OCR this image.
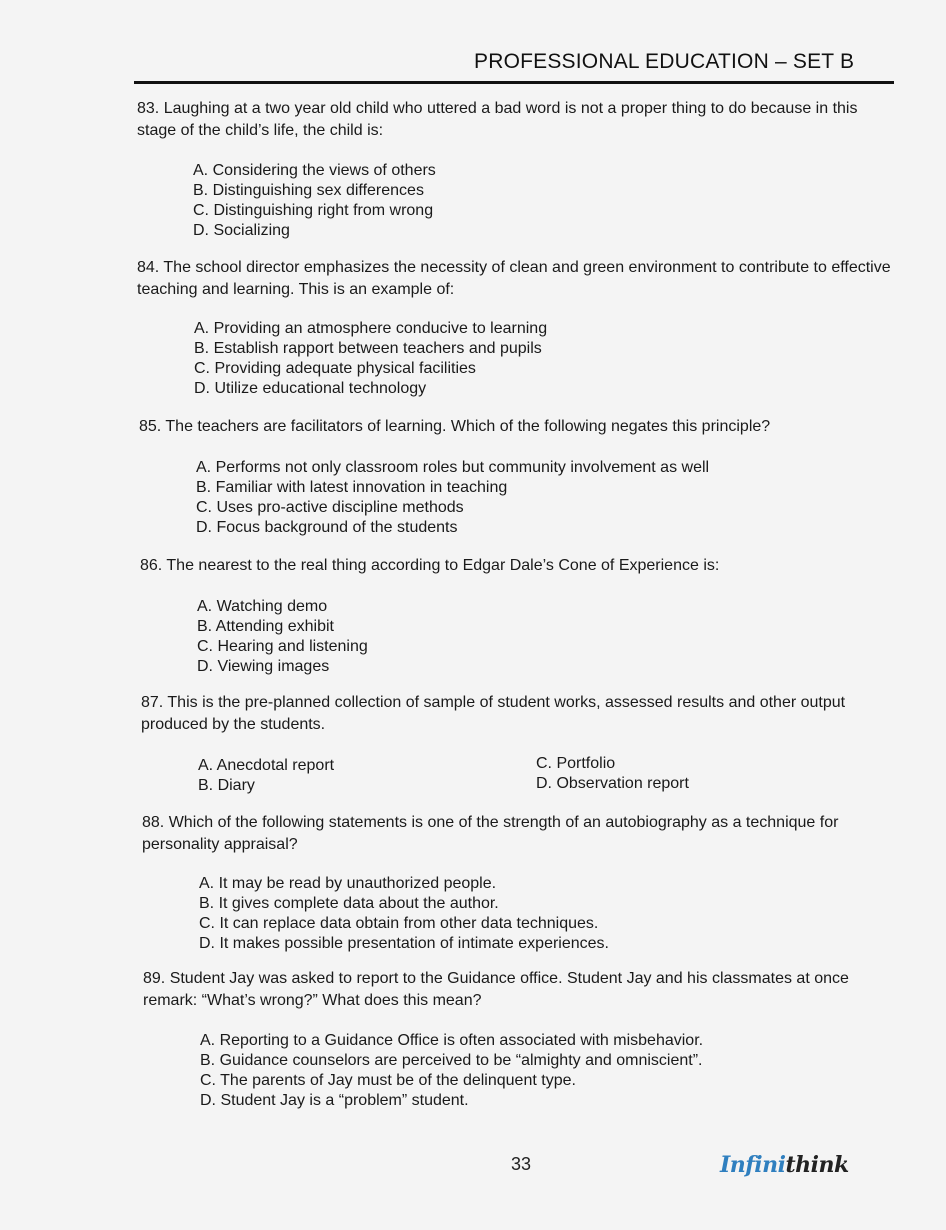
PROFESSIONAL EDUCATION – SET B

83. Laughing at a two year old child who uttered a bad word is not a proper thing to do because in this stage of the child’s life, the child is:

A. Considering the views of others
B. Distinguishing sex differences
C. Distinguishing right from wrong
D. Socializing

84. The school director emphasizes the necessity of clean and green environment to contribute to effective teaching and learning. This is an example of:

A. Providing an atmosphere conducive to learning
B. Establish rapport between teachers and pupils
C. Providing adequate physical facilities
D. Utilize educational technology

85. The teachers are facilitators of learning. Which of the following negates this principle?

A. Performs not only classroom roles but community involvement as well
B. Familiar with latest innovation in teaching
C. Uses pro-active discipline methods
D. Focus background of the students

86. The nearest to the real thing according to Edgar Dale’s Cone of Experience is:

A. Watching demo
B. Attending exhibit
C. Hearing and listening
D. Viewing images

87. This is the pre-planned collection of sample of student works, assessed results and other output produced by the students.

A. Anecdotal report
B. Diary
C. Portfolio
D. Observation report

88. Which of the following statements is one of the strength of an autobiography as a technique for personality appraisal?

A. It may be read by unauthorized people.
B. It gives complete data about the author.
C. It can replace data obtain from other data techniques.
D. It makes possible presentation of intimate experiences.

89. Student Jay was asked to report to the Guidance office. Student Jay and his classmates at once remark: “What’s wrong?” What does this mean?

A. Reporting to a Guidance Office is often associated with misbehavior.
B. Guidance counselors are perceived to be “almighty and omniscient”.
C. The parents of Jay must be of the delinquent type.
D. Student Jay is a “problem” student.
33	Infinithink
